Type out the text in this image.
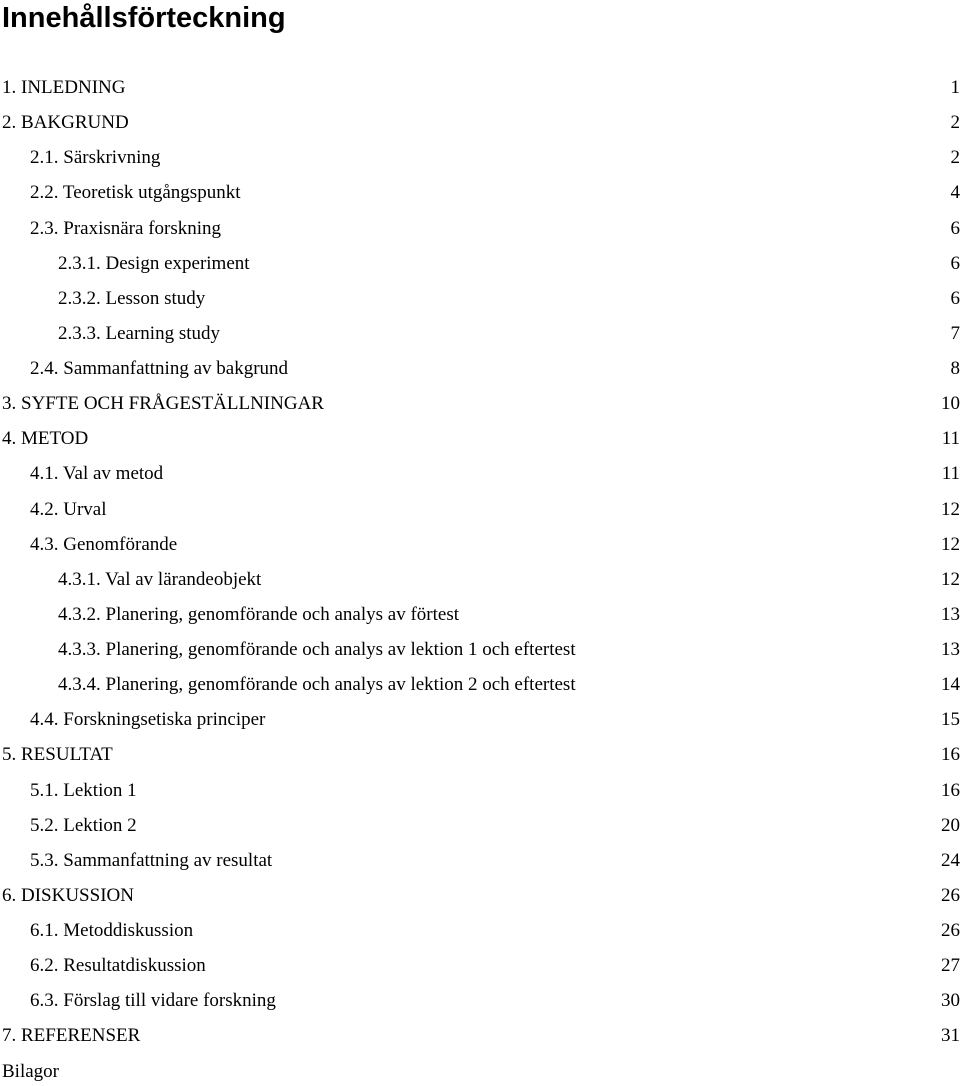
Innehållsförteckning
1. INLEDNING	1
2. BAKGRUND	2
2.1. Särskrivning	2
2.2. Teoretisk utgångspunkt	4
2.3. Praxisnära forskning	6
2.3.1. Design experiment	6
2.3.2. Lesson study	6
2.3.3. Learning study	7
2.4. Sammanfattning av bakgrund	8
3. SYFTE OCH FRÅGESTÄLLNINGAR	10
4. METOD	11
4.1. Val av metod	11
4.2. Urval	12
4.3. Genomförande	12
4.3.1. Val av lärandeobjekt	12
4.3.2. Planering, genomförande och analys av förtest	13
4.3.3. Planering, genomförande och analys av lektion 1 och eftertest	13
4.3.4. Planering, genomförande och analys av lektion 2 och eftertest	14
4.4. Forskningsetiska principer	15
5. RESULTAT	16
5.1. Lektion 1	16
5.2. Lektion 2	20
5.3. Sammanfattning av resultat	24
6. DISKUSSION	26
6.1. Metoddiskussion	26
6.2. Resultatdiskussion	27
6.3. Förslag till vidare forskning	30
7. REFERENSER	31
Bilagor
